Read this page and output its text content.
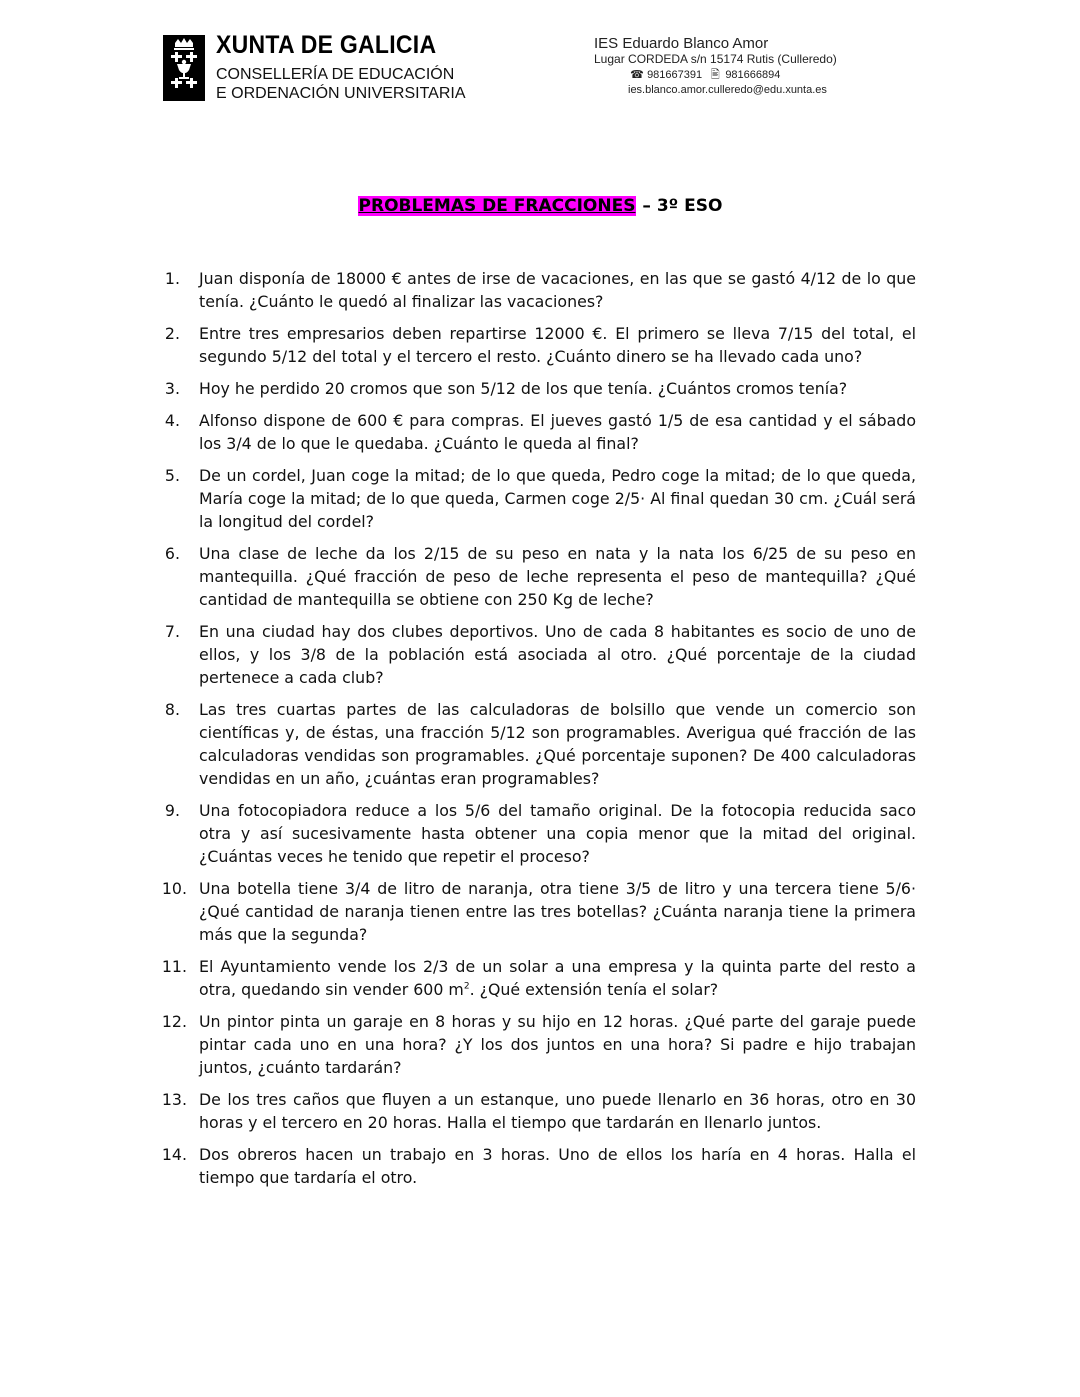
XUNTA DE GALICIA
CONSELLERÍA DE EDUCACIÓN
E ORDENACIÓN UNIVERSITARIA
IES Eduardo Blanco Amor
Lugar CORDEDA s/n 15174 Rutis (Culleredo)
☎ 981667391 🖹 981666894
ies.blanco.amor.culleredo@edu.xunta.es
PROBLEMAS DE FRACCIONES – 3º ESO
1. Juan disponía de 18000 € antes de irse de vacaciones, en las que se gastó 4/12 de lo que tenía. ¿Cuánto le quedó al finalizar las vacaciones?
2. Entre tres empresarios deben repartirse 12000 €. El primero se lleva 7/15 del total, el segundo 5/12 del total y el tercero el resto. ¿Cuánto dinero se ha llevado cada uno?
3. Hoy he perdido 20 cromos que son 5/12 de los que tenía. ¿Cuántos cromos tenía?
4. Alfonso dispone de 600 € para compras. El jueves gastó 1/5 de esa cantidad y el sábado los 3/4 de lo que le quedaba. ¿Cuánto le queda al final?
5. De un cordel, Juan coge la mitad; de lo que queda, Pedro coge la mitad; de lo que queda, María coge la mitad; de lo que queda, Carmen coge 2/5· Al final quedan 30 cm. ¿Cuál será la longitud del cordel?
6. Una clase de leche da los 2/15 de su peso en nata y la nata los 6/25 de su peso en mantequilla. ¿Qué fracción de peso de leche representa el peso de mantequilla? ¿Qué cantidad de mantequilla se obtiene con 250 Kg de leche?
7. En una ciudad hay dos clubes deportivos. Uno de cada 8 habitantes es socio de uno de ellos, y los 3/8 de la población está asociada al otro. ¿Qué porcentaje de la ciudad pertenece a cada club?
8. Las tres cuartas partes de las calculadoras de bolsillo que vende un comercio son científicas y, de éstas, una fracción 5/12 son programables. Averigua qué fracción de las calculadoras vendidas son programables. ¿Qué porcentaje suponen? De 400 calculadoras vendidas en un año, ¿cuántas eran programables?
9. Una fotocopiadora reduce a los 5/6 del tamaño original. De la fotocopia reducida saco otra y así sucesivamente hasta obtener una copia menor que la mitad del original. ¿Cuántas veces he tenido que repetir el proceso?
10. Una botella tiene 3/4 de litro de naranja, otra tiene 3/5 de litro y una tercera tiene 5/6· ¿Qué cantidad de naranja tienen entre las tres botellas? ¿Cuánta naranja tiene la primera más que la segunda?
11. El Ayuntamiento vende los 2/3 de un solar a una empresa y la quinta parte del resto a otra, quedando sin vender 600 $m^2$. ¿Qué extensión tenía el solar?
12. Un pintor pinta un garaje en 8 horas y su hijo en 12 horas. ¿Qué parte del garaje puede pintar cada uno en una hora? ¿Y los dos juntos en una hora? Si padre e hijo trabajan juntos, ¿cuánto tardarán?
13. De los tres caños que fluyen a un estanque, uno puede llenarlo en 36 horas, otro en 30 horas y el tercero en 20 horas. Halla el tiempo que tardarán en llenarlo juntos.
14. Dos obreros hacen un trabajo en 3 horas. Uno de ellos los haría en 4 horas. Halla el tiempo que tardaría el otro.
